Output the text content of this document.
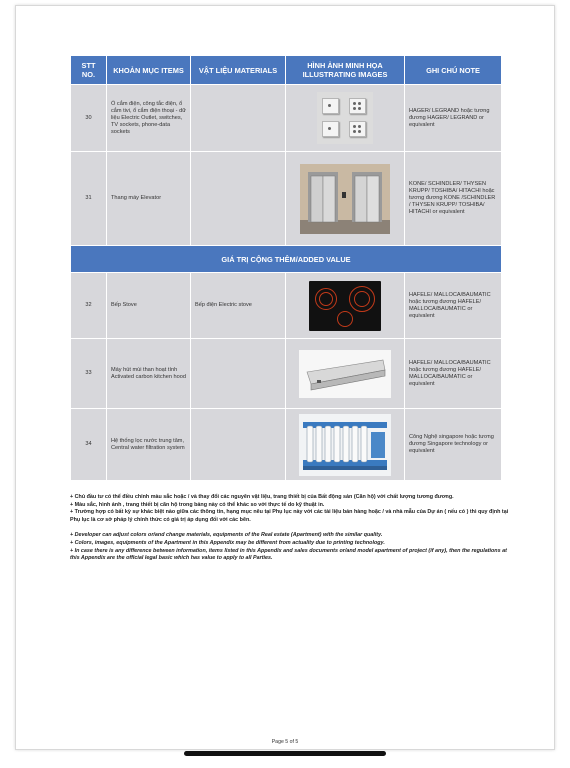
STT NO.	KHOẢN MỤC ITEMS	VẬT LIỆU MATERIALS	HÌNH ẢNH MINH HỌA ILLUSTRATING IMAGES	GHI CHÚ NOTE
30	Ổ cắm điện, công tắc điện, ổ cắm tivi, ổ cắm điện thoại - dữ liệu Electric Outlet, switches, TV sockets, phone-data sockets			HAGER/ LEGRAND hoặc tương đương HAGER/ LEGRAND or equivalent
31	Thang máy Elevator			KONE/ SCHINDLER/ THYSEN KRUPP/ TOSHIBA/ HITACHI hoặc tương đương KONE /SCHINDLER / THYSEN KRUPP/ TOSHIBA/ HITACHI or equivalent
GIÁ TRỊ CỘNG THÊM/ADDED VALUE				
32	Bếp Stove	Bếp điện Electric stove		HAFELE/ MALLOCA/BAUMATIC hoặc tương đương HAFELE/ MALLOCA/BAUMATIC or equivalent
33	Máy hút mùi than hoạt tính Activated carbon kitchen hood			HAFELE/ MALLOCA/BAUMATIC hoặc tương đương HAFELE/ MALLOCA/BAUMATIC or equivalent
34	Hệ thống lọc nước trung tâm, Central water filtration system			Công Nghệ singapore hoặc tương đương Singapore technology or equivalent
+ Chủ đầu tư có thể điều chỉnh màu sắc hoặc / và thay đổi các nguyên vật liệu, trang thiết bị của Bất động sản (Căn hộ) với chất lượng tương đương.
+ Màu sắc, hình ảnh , trang thiết bị căn hộ trong bảng này có thể khác so với thực tế do kỹ thuật in.
+ Trường hợp có bất kỳ sự khác biệt nào giữa các thông tin, hạng mục nêu tại Phụ lục này với các tài liệu bán hàng hoặc / và nhà mẫu của Dự án ( nếu có ) thì quy định tại Phụ lục là cơ sở pháp lý chính thức có giá trị áp dụng đối với các bên.
+ Developer can adjust colors or/and change materials, equipments of the Real estate (Apartment) with the similar quality.
+ Colors, images, equipments of the Apartment in this Appendix may be different from actuality due to printing technology.
+ In case there is any difference between information, items listed in this Appendix and sales documents or/and model apartment of project (if any), then the regulations at this Appendix are the official legal basic which has value to apply to all Parties.
Page 5 of 5
